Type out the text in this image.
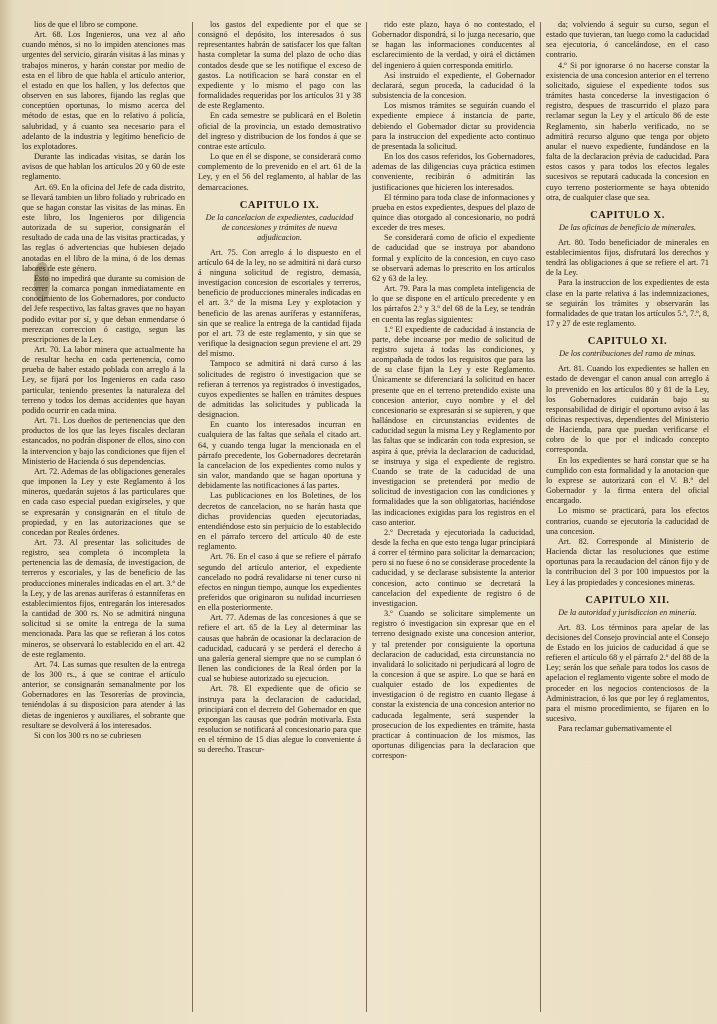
lios de que el libro se compone.

Art. 68. Los Ingenieros, una vez al año cuando ménos, si no lo impiden atenciones mas urgentes del servicio, girarán visitas á las minas y trabajos mineros, y harán constar por medio de esta en el libro de que habla el artículo anterior, el estado en que los hallen, y los defectos que observen en sus labores, fijando las reglas que conceptúen oportunas, lo mismo acerca del método de estas, que en lo relativo á policía, salubridad, y á cuanto sea necesario para el adelanto de la industria y legítimo beneficio de los explotadores.

Durante las indicadas visitas, se darán los avisos de que hablan los artículos 20 y 60 de este reglamento.

Art. 69. En la oficina del Jefe de cada distrito, se llevará tambien un libro foliado y rubricado en que se hagan constar las visitas de las minas. En este libro, los Ingenieros por diligencia autorizada de su superior, consignarán el resultado de cada una de las visitas practicadas, y las reglas ó advertencias que hubiesen dejado anotadas en el libro de la mina, ó de los demas labores de este género.

Esto no impedirá que durante su comision de recorrer la comarca pongan inmediatamente en conocimiento de los Gobernadores, por conducto del Jefe respectivo, las faltas graves que no hayan podido evitar por sí, y que deban enmendarse ó merezcan correccion ó castigo, segun las prescripciones de la Ley.

Art. 70. La labor minera que actualmente ha de resultar hecha en cada pertenencia, como prueba de haber estado poblada con arreglo á la Ley, se fijará por los Ingenieros en cada caso particular, teniendo presentes la naturaleza del terreno y todos los demas accidentes que hayan podido ocurrir en cada mina.

Art. 71. Los dueños de pertenencias que den productos de los que las leyes fiscales declaran estancados, no podrán disponer de ellos, sino con la intervencion y bajo las condiciones que fijen el Ministerio de Hacienda ó sus dependencias.

Art. 72. Ademas de las obligaciones generales que imponen la Ley y este Reglamento á los mineros, quedarán sujetos á las particulares que en cada caso especial puedan exigírseles, y que se expresarán y consignarán en el título de propiedad, y en las autorizaciones que se concedan por Reales órdenes.

Art. 73. Al presentar las solicitudes de registro, sea completa ó incompleta la pertenencia las de demasía, de investigacion, de terreros y escoriales, y las de beneficio de las producciones minerales indicadas en el art. 3.º de la Ley, y de las arenas auríferas ó estanníferas en establecimientos fijos, entregarán los interesados la cantidad de 300 rs. No se admitirá ninguna solicitud si se omite la entrega de la suma mencionada. Para las que se refieran á los cotos mineros, se observará lo establecido en el art. 42 de este reglamento.

Art. 74. Las sumas que resulten de la entrega de los 300 rs., á que se contrae el artículo anterior, se consignarán semanalmente por los Gobernadores en las Tesorerías de provincia, teniéndolas á su disposicion para atender á las dietas de ingenieros y auxiliares, el sobrante que resultare se devolverá á los interesados.

Si con los 300 rs no se cubriesen

los gastos del expediente por el que se consignó el depósito, los interesados ó sus representantes habrán de satisfacer los que faltan hasta completar la suma del plazo de ocho dias contados desde que se les notifique el exceso de gastos. La notificacion se hará constar en el expediente y lo mismo el pago con las formalidades requeridas por los artículos 31 y 38 de este Reglamento.

En cada semestre se publicará en el Boletin oficial de la provincia, un estado demostrativo del ingreso y distribucion de los fondos á que se contrae este artículo.

Lo que en él se dispone, se considerará como complemento de lo prevenido en el art. 61 de la Ley, y en el 56 del reglamento, al hablar de las demarcaciones.

CAPITULO IX.
De la cancelacion de expedientes, caducidad de concesiones y trámites de nueva adjudicacion.

Art. 75. Con arreglo á lo dispuesto en el artículo 64 de la ley, no se admitirá ni dará curso á ninguna solicitud de registro, demasía, investigacion concesion de escoriales y terreros, beneficio de producciones minerales indicadas en el art. 3.º de la misma Ley y explotacion y beneficio de las arenas auríferas y estanníferas, sin que se realice la entrega de la cantidad fijada por el art. 73 de este reglamento, y sin que se verifique la designacion segun previene el art. 29 del mismo.

Tampoco se admitirá ni dará curso á las solicitudes de registro ó investigacion que se refieran á terrenos ya registrados ó investigados, cuyos expedientes se hallen en trámites despues de admitidas las solicitudes y publicada la designacion.

En cuanto los interesados incurran en cualquiera de las faltas que señala el citado art. 64, y cuando tenga lugar la mencionada en el párrafo precedente, los Gobernadores decretarán la cancelacion de los expedientes como nulos y sin valor, mandando que se hagan oportuna y debidamente las notificaciones á las partes.

Las publicaciones en los Boletines, de los decretos de cancelacion, no se harán hasta que dichas providencias queden ejecutoriadas, entendiéndose esto sin perjuicio de lo establecido en el párrafo tercero del artículo 40 de este reglamento.

Art. 76. En el caso á que se refiere el párrafo segundo del artículo anterior, el expediente cancelado no podrá revalidarse ni tener curso ni efectos en ningun tiempo, aunque los expedientes preferidos que originaron su nulidad incurriesen en ella posteriormente.

Art. 77. Ademas de las concesiones á que se refiere el art. 65 de la Ley al determinar las causas que habrán de ocasionar la declaracion de caducidad, caducará y se perderá el derecho á una galería general siempre que no se cumplan ó llenen las condiciones de la Real órden por la cual se hubiese autorizado su ejecucion.

Art. 78. El expediente que de oficio se instruya para la declaracion de caducidad, principiará con el decreto del Gobernador en que expongan las causas que podrán motivarla. Esta resolucion se notificará al concesionario para que en el término de 15 dias alegue lo conveniente á su derecho. Trascur-

rido este plazo, haya ó no contestado, el Gobernador dispondrá, si lo juzga necesario, que se hagan las informaciones conducentes al esclarecimiento de la verdad, y oirá el dictámen del ingeniero á quien corresponda emitirlo.

Así instruido el expediente, el Gobernador declarará, segun proceda, la caducidad ó la subsistencia de la concesion.

Los mismos trámites se seguirán cuando el expediente empiece á instancia de parte, debiendo el Gobernador dictar su providencia para la instruccion del expediente acto continuo de presentada la solicitud.

En los dos casos referidos, los Gobernadores, ademas de las diligencias cuya práctica estimen conveniente, recibirán ó admitirán las justificaciones que hicieren los interesados.

El término para toda clase de informaciones y prueba en estos expedientes, despues del plazo de quince dias otorgado al concesionario, no podrá exceder de tres meses.

Se considerará como de oficio el expediente de caducidad que se instruya por abandono formal y explícito de la concesion, en cuyo caso se observará ademas lo prescrito en los artículos 62 y 63 de la ley.

Art. 79. Para la mas completa inteligencia de lo que se dispone en el artículo precedente y en los párrafos 2.º y 3.º del 68 de la Ley, se tendrán en cuenta las reglas siguientes:

1.º El expediente de caducidad á instancia de parte, debe incoarse por medio de solicitud de registro sujeta á todas las condiciones, y acompañada de todos los requisitos que para las de su clase fijan la Ley y este Reglamento. Únicamente se diferenciará la solicitud en hacer presente que en el terreno pretendido existe una concesion anterior, cuyo nombre y el del concesionario se expresarán si se supieren, y que hallándose en circunstancias evidentes de caducidad segun la misma Ley y Reglamento por las faltas que se indicarán con toda expresion, se aspira á que, prévia la declaracion de caducidad, se instruya y siga el expediente de registro. Cuando se trate de la caducidad de una investigacion se pretenderá por medio de solicitud de investigacion con las condiciones y formalidades que la son obligatorias, haciéndose las indicaciones exigidas para los registros en el caso anterior.

2.º Decretada y ejecutoriada la caducidad, desde la fecha en que esto tenga lugar principiará á correr el término para solicitar la demarcacion; pero si no fuese ó no se considerase procedente la caducidad, y se declarase subsistente la anterior concesion, acto continuo se decretará la cancelacion del expediente de registro ó de investigacion.

3.º Cuando se solicitare simplemente un registro ó investigacion sin expresar que en el terreno designado existe una concesion anterior, y tal pretender por consiguiente la oportuna declaracion de caducidad, esta circunstancia no invalidará lo solicitado ni perjudicará al logro de la concesion á que se aspire. Lo que se hará en cualquier estado de los expedientes de investigacion ó de registro en cuanto llegase á constar la existencia de una concesion anterior no caducada legalmente, será suspender la prosecucion de los expedientes en trámite, hasta practicar á continuacion de los mismos, las oportunas diligencias para la declaracion que correspon-

da; volviendo á seguir su curso, segun el estado que tuvieran, tan luego como la caducidad sea ejecutoria, ó cancelándose, en el caso contrario.

4.º Si por ignorarse ó no hacerse constar la existencia de una concesion anterior en el terreno solicitado, siguiese el expediente todos sus trámites hasta concederse la investigacion ó registro, despues de trascurrido el plazo para reclamar segun la Ley y el artículo 86 de este Reglamento, sin haberlo verificado, no se admitirá recurso alguno que tenga por objeto anular el nuevo expediente, fundándose en la falta de la declaracion prévia de caducidad. Para estos casos y para todos los efectos legales sucesivos se reputará caducada la concesion en cuyo terreno posteriormente se haya obtenido otra, de cualquier clase que sea.

CAPITULO X.
De las oficinas de beneficio de minerales.

Art. 80. Todo beneficiador de minerales en establecimientos fijos, disfrutará los derechos y tendrá las obligaciones á que se refiere el art. 71 de la Ley.

Para la instruccion de los expedientes de esta clase en la parte relativa á las indemnizaciones, se seguirán los trámites y observarán las formalidades de que tratan los artículos 5.º, 7.º, 8, 17 y 27 de este reglamento.

CAPITULO XI.
De los contribuciones del ramo de minas.

Art. 81. Cuando los expedientes se hallen en estado de devengar el canon anual con arreglo á lo prevenido en los artículos 80 y 81 de la Ley, los Gobernadores cuidarán bajo su responsabilidad de dirigir el oportuno aviso á las oficinas respectivas, dependientes del Ministerio de Hacienda, para que puedan verificarse el cobro de lo que por el indicado concepto corresponda.

En los expedientes se hará constar que se ha cumplido con esta formalidad y la anotacion que lo exprese se autorizará con el V. B.º del Gobernador y la firma entera del oficial encargado.

Lo mismo se practicará, para los efectos contrarios, cuando se ejecutoría la caducidad de una concesion.

Art. 82. Corresponde al Ministerio de Hacienda dictar las resoluciones que estime oportunas para la recaudacion del cánon fijo y de la contribucion del 3 por 100 impuestos por la Ley á las propiedades y concesiones mineras.

CAPITULO XII.
De la autoridad y jurisdiccion en minería.

Art. 83. Los términos para apelar de las decisiones del Consejo provincial ante el Consejo de Estado en los juicios de caducidad á que se refieren el artículo 68 y el párrafo 2.º del 88 de la Ley; serán los que señale para todos los casos de apelacion el reglamento vigente sobre el modo de proceder en los negocios contenciosos de la Administracion, ó los que por ley ó reglamentos, para el mismo procedimiento, se fijaren en lo sucesivo.

Para reclamar gubernativamente el
